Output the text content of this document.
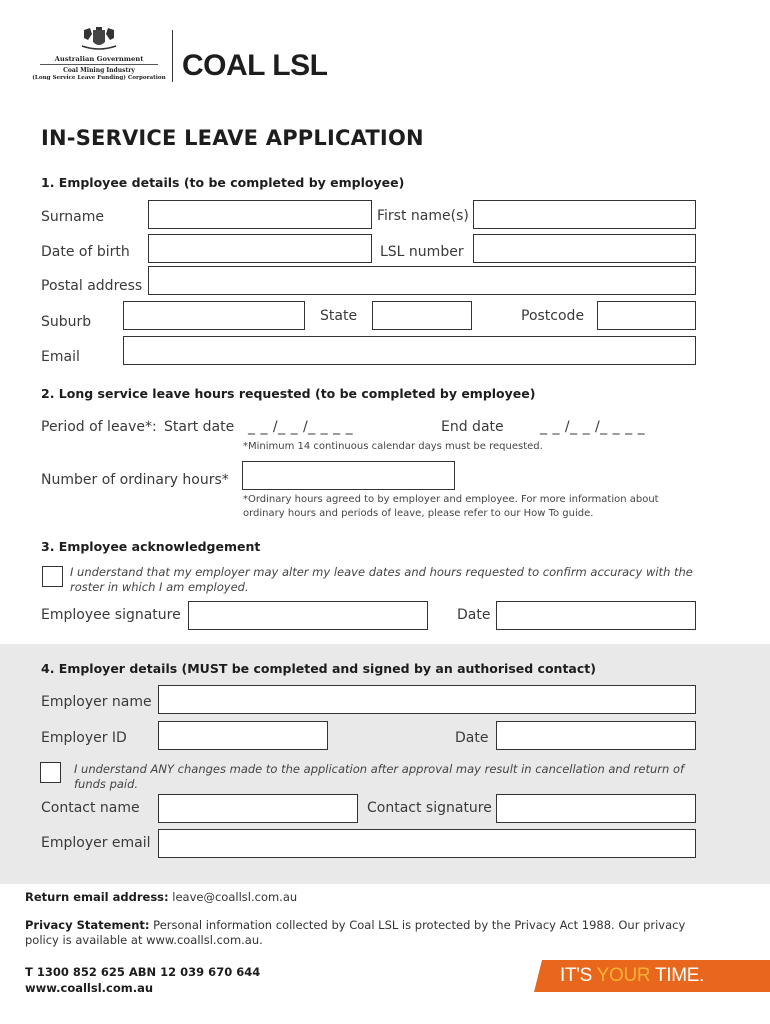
Australian Government
Coal Mining Industry
(Long Service Leave Funding) Corporation COAL LSL
IN-SERVICE LEAVE APPLICATION
1. Employee details (to be completed by employee)
Surname	First name(s)
Date of birth	LSL number
Postal address
Suburb	State	Postcode
Email
2. Long service leave hours requested (to be completed by employee)
Period of leave*: Start date _ _ /_ _ /_ _ _ _	End date	_ _ /_ _ /_ _ _ _
*Minimum 14 continuous calendar days must be requested.
Number of ordinary hours*
*Ordinary hours agreed to by employer and employee. For more information about
ordinary hours and periods of leave, please refer to our How To guide.
3. Employee acknowledgement
I understand that my employer may alter my leave dates and hours requested to confirm accuracy with the
roster in which I am employed.
Employee signature	Date
4. Employer details (MUST be completed and signed by an authorised contact)
Employer name
Employer ID	Date
I understand ANY changes made to the application after approval may result in cancellation and return of
funds paid.
Contact name	Contact signature
Employer email
Return email address: leave@coallsl.com.au
Privacy Statement: Personal information collected by Coal LSL is protected by the Privacy Act 1988. Our privacy
policy is available at www.coallsl.com.au.
T 1300 852 625 ABN 12 039 670 644
www.coallsl.com.au
IT'S YOUR TIME.
